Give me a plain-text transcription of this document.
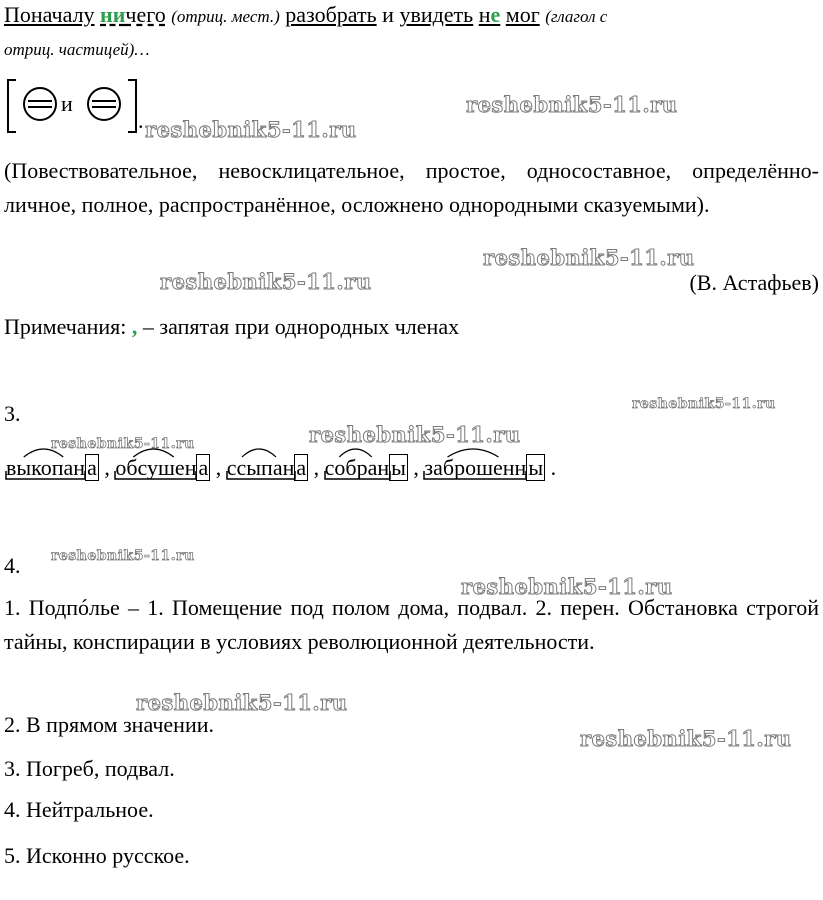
Поначалу ничего (отриц. мест.) разобрать и увидеть не мог (глагол с
отриц. частицей)…
и
.
(Повествовательное, невосклицательное, простое, односоставное, определённо-личное, полное, распространённое, осложнено однородными сказуемыми).
(В. Астафьев)
Примечания: , – запятая при однородных членах
3.
выкопана
, обсушена
, ссыпана
, собраны
, заброшенны
.
4.
1. Подпóлье – 1. Помещение под полом дома, подвал. 2. перен. Обстановка строгой тайны, конспирации в условиях революционной деятельности.
2. В прямом значении.
3. Погреб, подвал.
4. Нейтральное.
5. Исконно русское.
reshebnik5-11.ru
reshebnik5-11.ru
reshebnik5-11.ru
reshebnik5-11.ru
reshebnik5-11.ru
reshebnik5-11.ru
reshebnik5-11.ru
reshebnik5-11.ru
reshebnik5-11.ru
reshebnik5-11.ru
reshebnik5-11.ru
